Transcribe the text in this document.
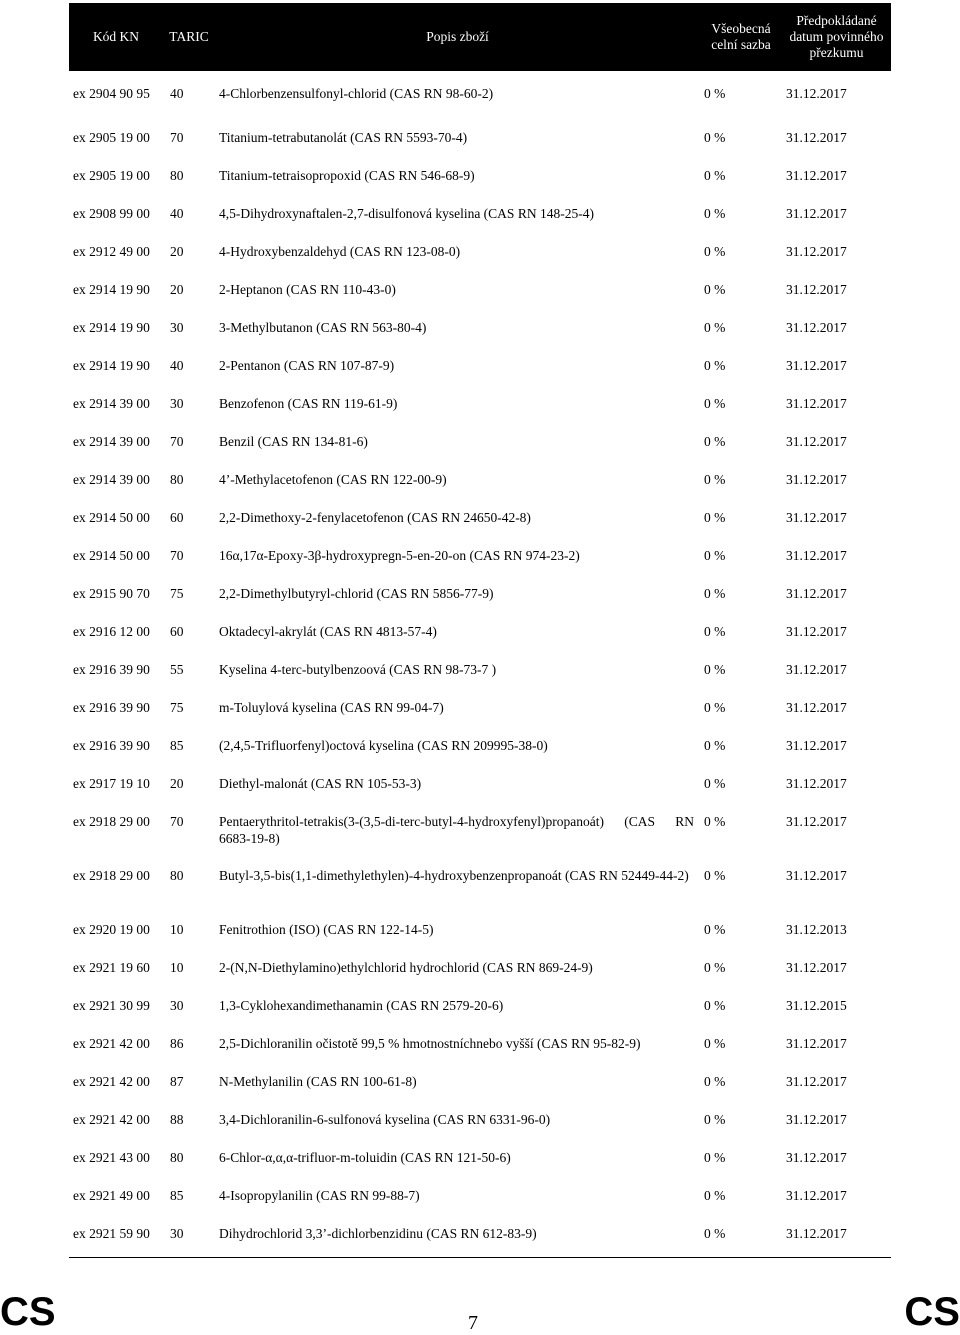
Kód KN	TARIC	Popis zboží	Všeobecná celní sazba	Předpokládané datum povinného přezkumu
ex 2904 90 95	40	4-Chlorbenzensulfonyl-chlorid (CAS RN 98-60-2)	0 %	31.12.2017
ex 2905 19 00	70	Titanium-tetrabutanolát (CAS RN 5593-70-4)	0 %	31.12.2017
ex 2905 19 00	80	Titanium-tetraisopropoxid (CAS RN 546-68-9)	0 %	31.12.2017
ex 2908 99 00	40	4,5-Dihydroxynaftalen-2,7-disulfonová kyselina (CAS RN 148-25-4)	0 %	31.12.2017
ex 2912 49 00	20	4-Hydroxybenzaldehyd (CAS RN 123-08-0)	0 %	31.12.2017
ex 2914 19 90	20	2-Heptanon (CAS RN 110-43-0)	0 %	31.12.2017
ex 2914 19 90	30	3-Methylbutanon (CAS RN 563-80-4)	0 %	31.12.2017
ex 2914 19 90	40	2-Pentanon (CAS RN 107-87-9)	0 %	31.12.2017
ex 2914 39 00	30	Benzofenon (CAS RN 119-61-9)	0 %	31.12.2017
ex 2914 39 00	70	Benzil (CAS RN 134-81-6)	0 %	31.12.2017
ex 2914 39 00	80	4’-Methylacetofenon (CAS RN 122-00-9)	0 %	31.12.2017
ex 2914 50 00	60	2,2-Dimethoxy-2-fenylacetofenon (CAS RN 24650-42-8)	0 %	31.12.2017
ex 2914 50 00	70	16α,17α-Epoxy-3β-hydroxypregn-5-en-20-on (CAS RN 974-23-2)	0 %	31.12.2017
ex 2915 90 70	75	2,2-Dimethylbutyryl-chlorid (CAS RN 5856-77-9)	0 %	31.12.2017
ex 2916 12 00	60	Oktadecyl-akrylát (CAS RN 4813-57-4)	0 %	31.12.2017
ex 2916 39 90	55	Kyselina 4-terc-butylbenzoová (CAS RN 98-73-7 )	0 %	31.12.2017
ex 2916 39 90	75	m-Toluylová kyselina (CAS RN 99-04-7)	0 %	31.12.2017
ex 2916 39 90	85	(2,4,5-Trifluorfenyl)octová kyselina (CAS RN 209995-38-0)	0 %	31.12.2017
ex 2917 19 10	20	Diethyl-malonát (CAS RN 105-53-3)	0 %	31.12.2017
ex 2918 29 00	70	Pentaerythritol-tetrakis(3-(3,5-di-terc-butyl-4-hydroxyfenyl)propanoát) (CAS RN 6683-19-8)	0 %	31.12.2017
ex 2918 29 00	80	Butyl-3,5-bis(1,1-dimethylethylen)-4-hydroxybenzenpropanoát (CAS RN 52449-44-2)	0 %	31.12.2017
ex 2920 19 00	10	Fenitrothion (ISO) (CAS RN 122-14-5)	0 %	31.12.2013
ex 2921 19 60	10	2-(N,N-Diethylamino)ethylchlorid hydrochlorid (CAS RN 869-24-9)	0 %	31.12.2017
ex 2921 30 99	30	1,3-Cyklohexandimethanamin (CAS RN 2579-20-6)	0 %	31.12.2015
ex 2921 42 00	86	2,5-Dichloranilin očistotě 99,5 % hmotnostníchnebo vyšší (CAS RN 95-82-9)	0 %	31.12.2017
ex 2921 42 00	87	N-Methylanilin (CAS RN 100-61-8)	0 %	31.12.2017
ex 2921 42 00	88	3,4-Dichloranilin-6-sulfonová kyselina (CAS RN 6331-96-0)	0 %	31.12.2017
ex 2921 43 00	80	6-Chlor-α,α,α-trifluor-m-toluidin (CAS RN 121-50-6)	0 %	31.12.2017
ex 2921 49 00	85	4-Isopropylanilin (CAS RN 99-88-7)	0 %	31.12.2017
ex 2921 59 90	30	Dihydrochlorid 3,3’-dichlorbenzidinu (CAS RN 612-83-9)	0 %	31.12.2017
CS	7	CS
